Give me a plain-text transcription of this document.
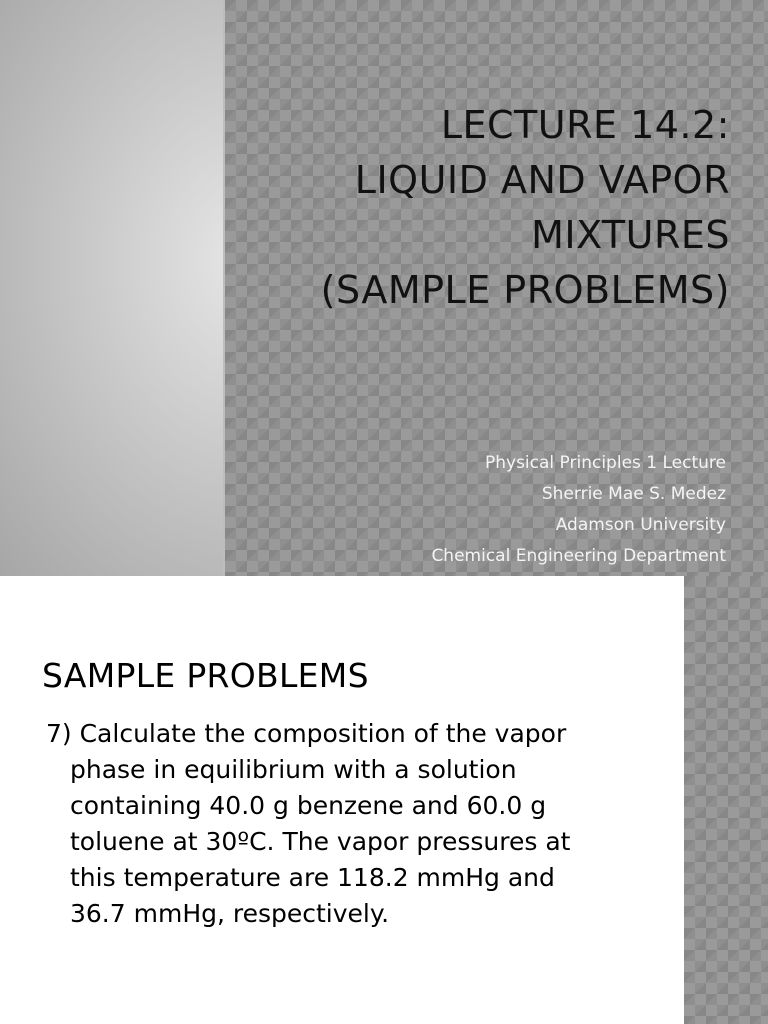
LECTURE 14.2:
LIQUID AND VAPOR
MIXTURES
(SAMPLE PROBLEMS)
Physical Principles 1 Lecture
Sherrie Mae S. Medez
Adamson University
Chemical Engineering Department
SAMPLE PROBLEMS
7) Calculate the composition of the vapor
phase in equilibrium with a solution
containing 40.0 g benzene and 60.0 g
toluene at 30ºC. The vapor pressures at
this temperature are 118.2 mmHg and
36.7 mmHg, respectively.
